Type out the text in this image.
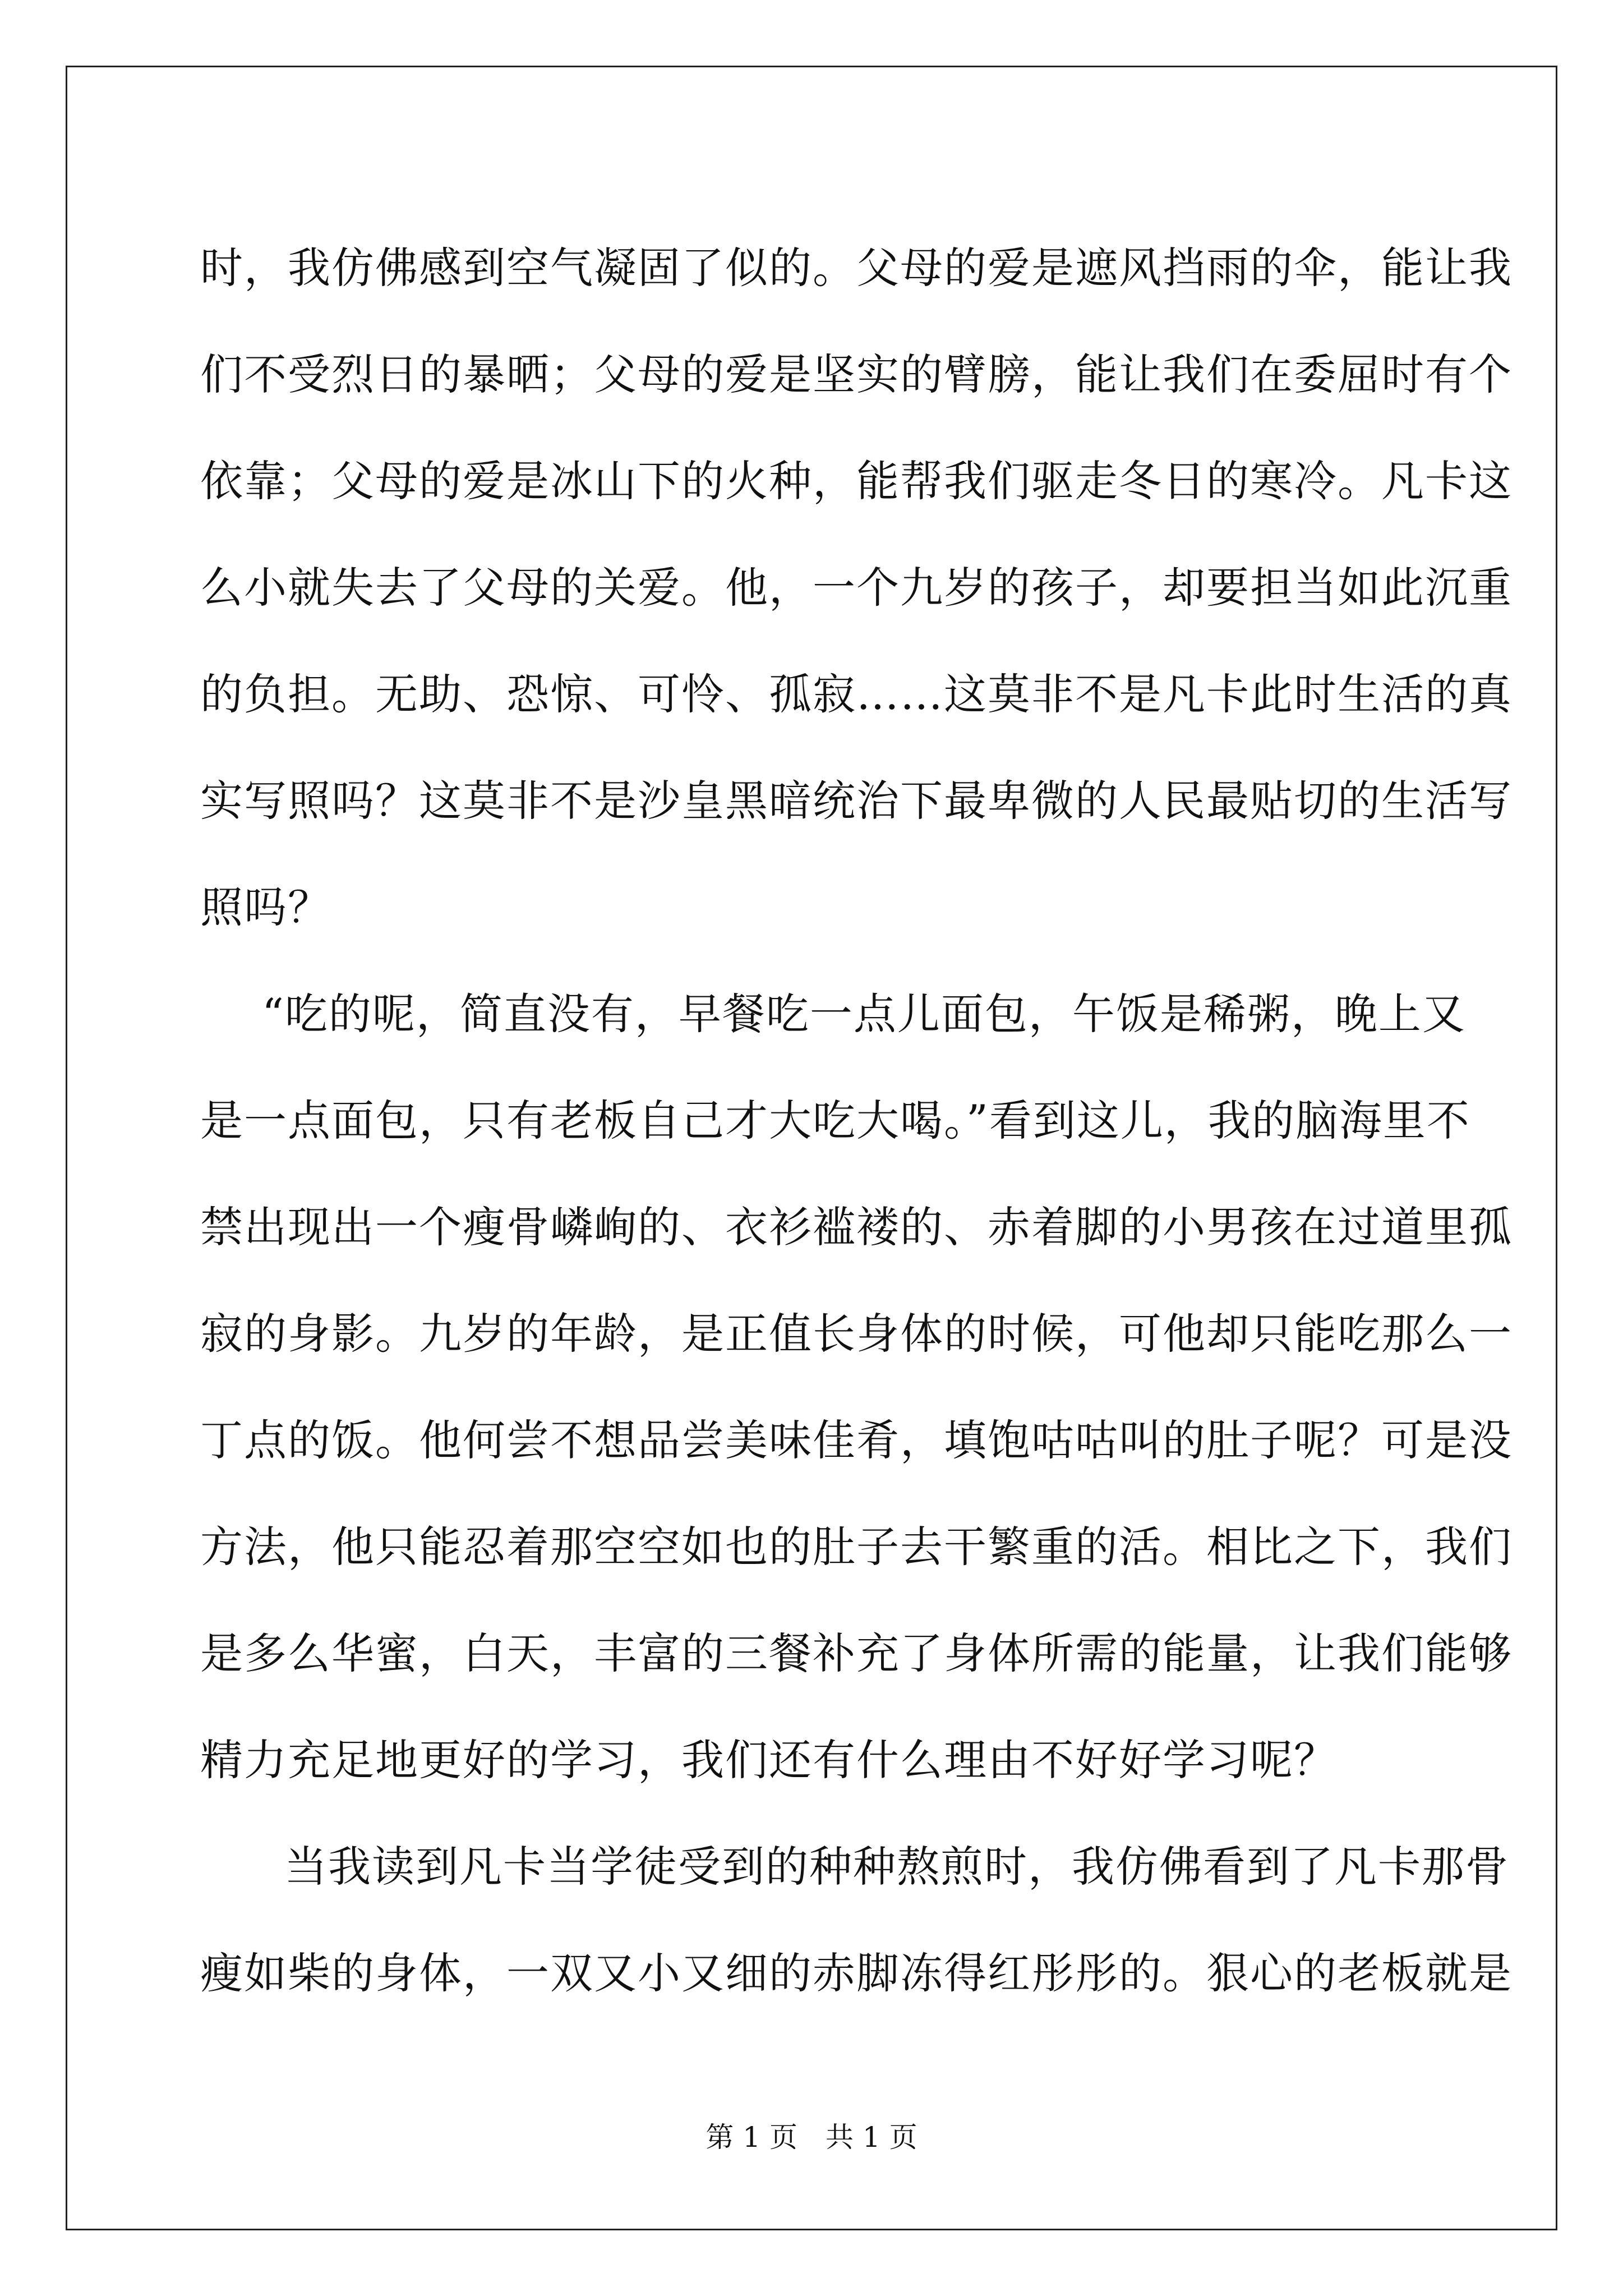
时，我仿佛感到空气凝固了似的。父母的爱是遮风挡雨的伞，能让我
们不受烈日的暴晒；父母的爱是坚实的臂膀，能让我们在委屈时有个
依靠；父母的爱是冰山下的火种，能帮我们驱走冬日的寒冷。凡卡这
么小就失去了父母的关爱。他，一个九岁的孩子，却要担当如此沉重
的负担。无助、恐惊、可怜、孤寂……这莫非不是凡卡此时生活的真
实写照吗？这莫非不是沙皇黑暗统治下最卑微的人民最贴切的生活写
照吗？
“吃的呢，简直没有，早餐吃一点儿面包，午饭是稀粥，晚上又
是一点面包，只有老板自己才大吃大喝。”看到这儿，我的脑海里不
禁出现出一个瘦骨嶙峋的、衣衫褴褛的、赤着脚的小男孩在过道里孤
寂的身影。九岁的年龄，是正值长身体的时候，可他却只能吃那么一
丁点的饭。他何尝不想品尝美味佳肴，填饱咕咕叫的肚子呢？可是没
方法，他只能忍着那空空如也的肚子去干繁重的活。相比之下，我们
是多么华蜜，白天，丰富的三餐补充了身体所需的能量，让我们能够
精力充足地更好的学习，我们还有什么理由不好好学习呢？
当我读到凡卡当学徒受到的种种熬煎时，我仿佛看到了凡卡那骨
瘦如柴的身体，一双又小又细的赤脚冻得红彤彤的。狠心的老板就是
第 1 页　共 1 页
